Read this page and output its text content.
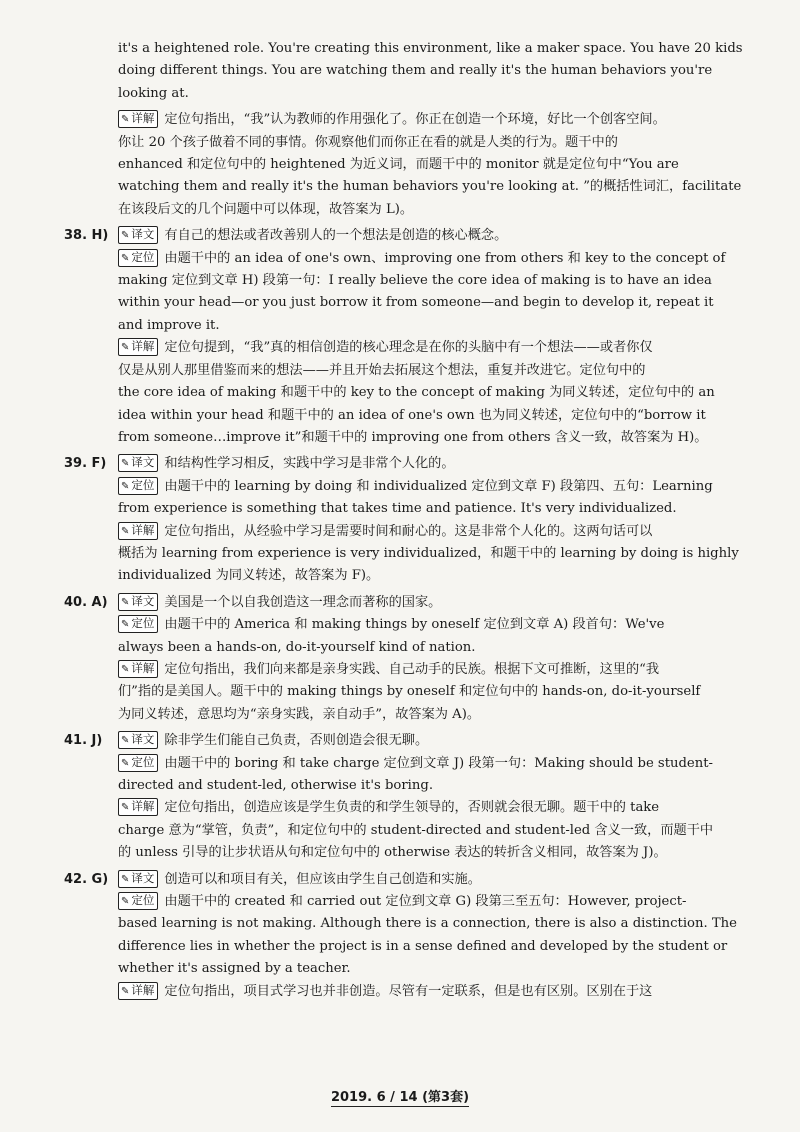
it's a heightened role. You're creating this environment, like a maker space. You have 20 kids

doing different things. You are watching them and really it's the human behaviors you're

looking at.

✎ 详解 定位句指出，“我”认为教师的作用强化了。你正在创造一个环境，好比一个创客空间。

你让 20 个孩子做着不同的事情。你观察他们而你正在看的就是人类的行为。题干中的

enhanced 和定位句中的 heightened 为近义词，而题干中的 monitor 就是定位句中“You are

watching them and really it's the human behaviors you're looking at. ”的概括性词汇，facilitate

在该段后文的几个问题中可以体现，故答案为 L)。

38. H) ✎ 译文 有自己的想法或者改善别人的一个想法是创造的核心概念。

✎ 定位 由题干中的 an idea of one's own、improving one from others 和 key to the concept of

making 定位到文章 H) 段第一句：I really believe the core idea of making is to have an idea

within your head—or you just borrow it from someone—and begin to develop it, repeat it

and improve it.

✎ 详解 定位句提到，“我”真的相信创造的核心理念是在你的头脑中有一个想法——或者你仅

仅是从别人那里借鉴而来的想法——并且开始去拓展这个想法，重复并改进它。定位句中的

the core idea of making 和题干中的 key to the concept of making 为同义转述，定位句中的 an

idea within your head 和题干中的 an idea of one's own 也为同义转述，定位句中的“borrow it

from someone…improve it”和题干中的 improving one from others 含义一致，故答案为 H)。

39. F) ✎ 译文 和结构性学习相反，实践中学习是非常个人化的。

✎ 定位 由题干中的 learning by doing 和 individualized 定位到文章 F) 段第四、五句：Learning

from experience is something that takes time and patience. It's very individualized.

✎ 详解 定位句指出，从经验中学习是需要时间和耐心的。这是非常个人化的。这两句话可以

概括为 learning from experience is very individualized，和题干中的 learning by doing is highly

individualized 为同义转述，故答案为 F)。

40. A) ✎ 译文 美国是一个以自我创造这一理念而著称的国家。

✎ 定位 由题干中的 America 和 making things by oneself 定位到文章 A) 段首句：We've

always been a hands-on, do-it-yourself kind of nation.

✎ 详解 定位句指出，我们向来都是亲身实践、自己动手的民族。根据下文可推断，这里的“我

们”指的是美国人。题干中的 making things by oneself 和定位句中的 hands-on, do-it-yourself

为同义转述，意思均为“亲身实践，亲自动手”，故答案为 A)。

41. J) ✎ 译文 除非学生们能自己负责，否则创造会很无聊。

✎ 定位 由题干中的 boring 和 take charge 定位到文章 J) 段第一句：Making should be student-

directed and student-led, otherwise it's boring.

✎ 详解 定位句指出，创造应该是学生负责的和学生领导的，否则就会很无聊。题干中的 take

charge 意为“掌管，负责”，和定位句中的 student-directed and student-led 含义一致，而题干中

的 unless 引导的让步状语从句和定位句中的 otherwise 表达的转折含义相同，故答案为 J)。

42. G) ✎ 译文 创造可以和项目有关，但应该由学生自己创造和实施。

✎ 定位 由题干中的 created 和 carried out 定位到文章 G) 段第三至五句：However, project-

based learning is not making. Although there is a connection, there is also a distinction. The

difference lies in whether the project is in a sense defined and developed by the student or

whether it's assigned by a teacher.

✎ 详解 定位句指出，项目式学习也并非创造。尽管有一定联系，但是也有区别。区别在于这

2019. 6 / 14 (第3套)
